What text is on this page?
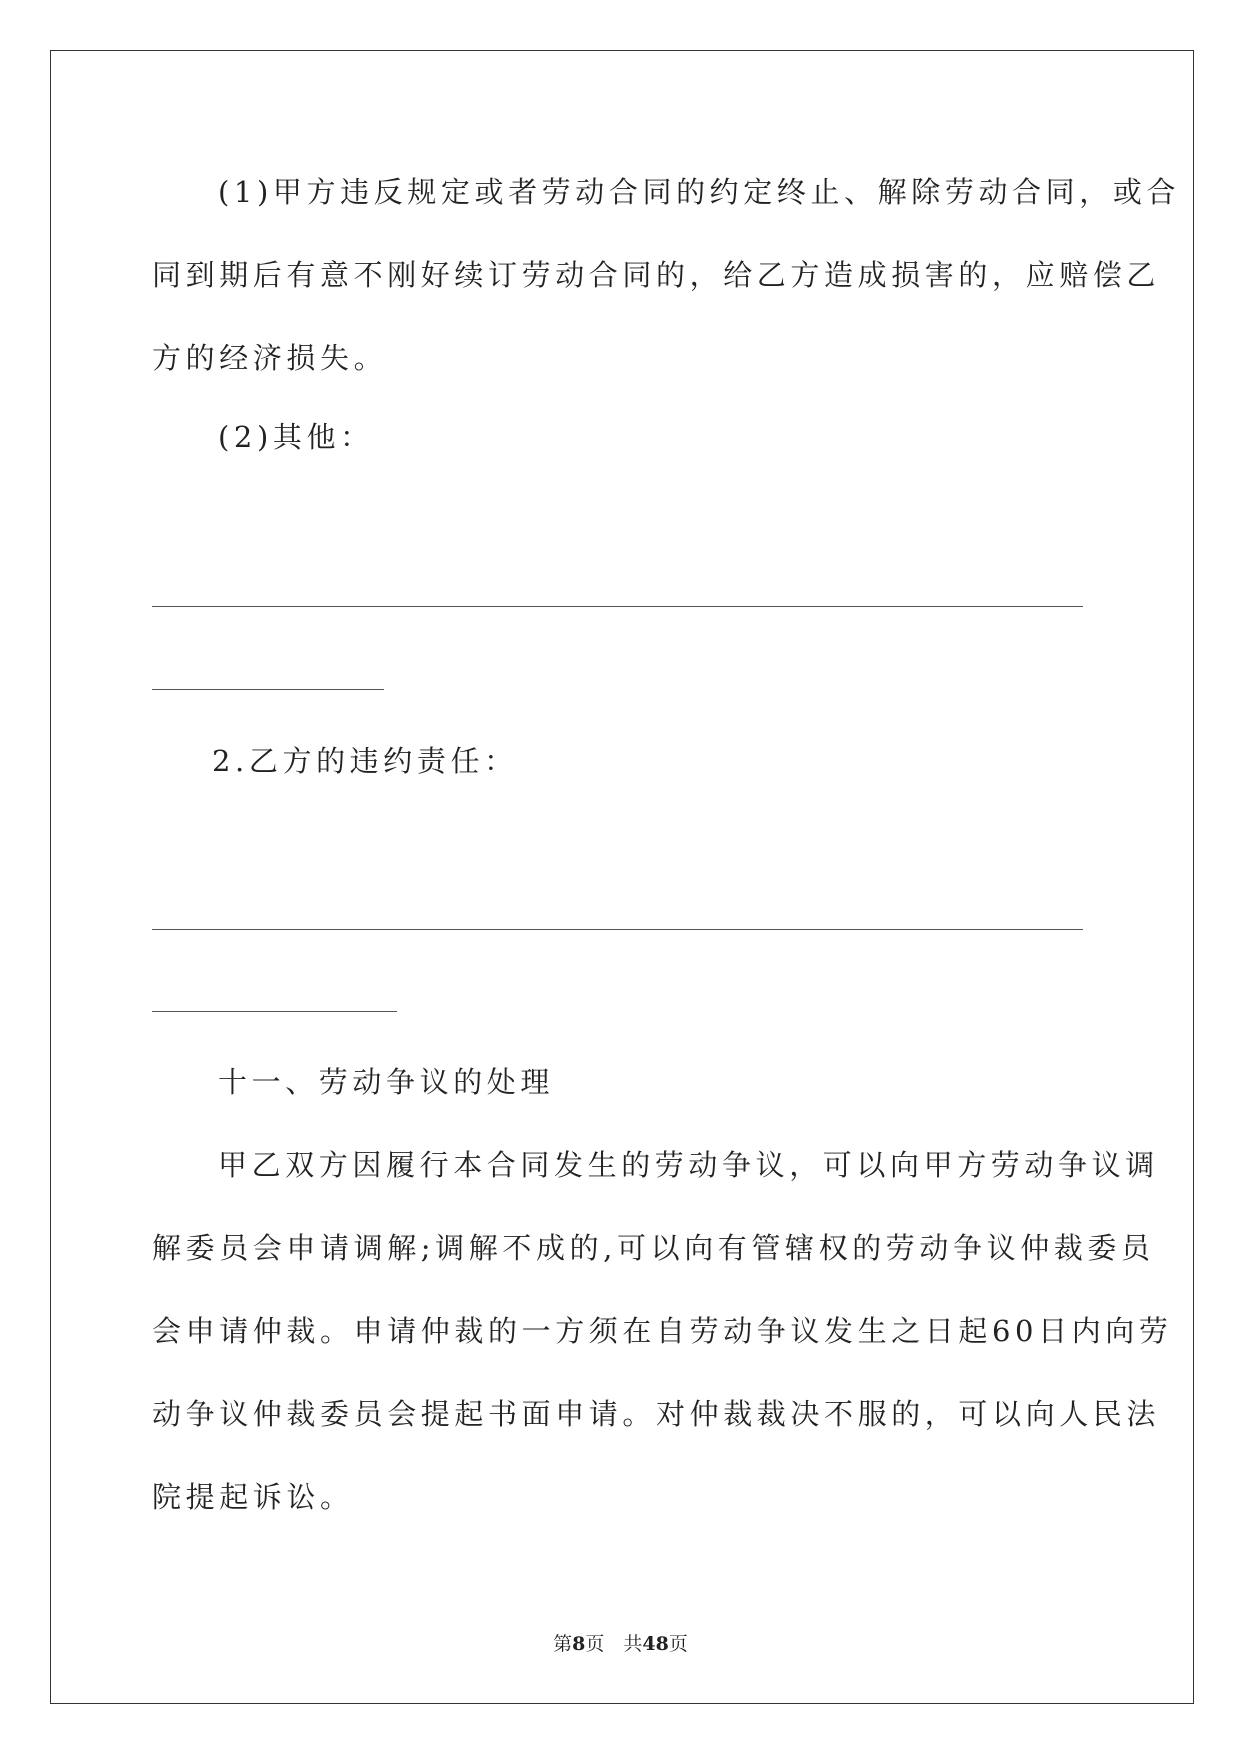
(1)甲方违反规定或者劳动合同的约定终止、解除劳动合同，或合
同到期后有意不刚好续订劳动合同的，给乙方造成损害的，应赔偿乙
方的经济损失。
(2)其他：
2.乙方的违约责任：
十一、劳动争议的处理
甲乙双方因履行本合同发生的劳动争议，可以向甲方劳动争议调
解委员会申请调解;调解不成的,可以向有管辖权的劳动争议仲裁委员
会申请仲裁。申请仲裁的一方须在自劳动争议发生之日起60日内向劳
动争议仲裁委员会提起书面申请。对仲裁裁决不服的，可以向人民法
院提起诉讼。
第8页　共48页
